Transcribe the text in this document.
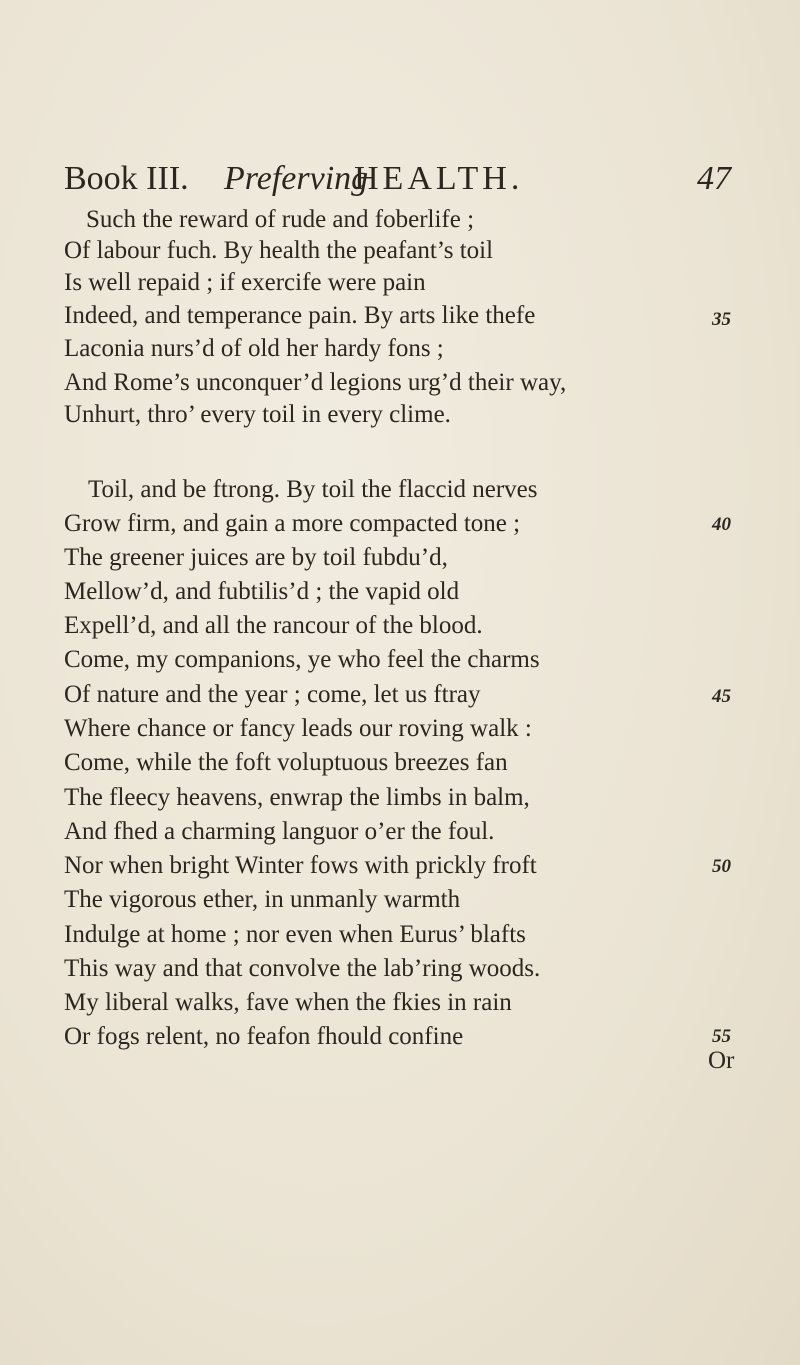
Book III. Preferving
HEALTH.	47
Such the reward of rude and foberlife ;
Of labour fuch. By health the peafant’s toil
Is well repaid ; if exercife were pain
Indeed, and temperance pain. By arts like thefe
Laconia nurs’d of old her hardy fons ;
And Rome’s unconquer’d legions urg’d their way,
Unhurt, thro’ every toil in every clime.
Toil, and be ftrong. By toil the flaccid nerves
Grow firm, and gain a more compacted tone ;
The greener juices are by toil fubdu’d,
Mellow’d, and fubtilis’d ; the vapid old
Expell’d, and all the rancour of the blood.
Come, my companions, ye who feel the charms
Of nature and the year ; come, let us ftray
Where chance or fancy leads our roving walk :
Come, while the foft voluptuous breezes fan
The fleecy heavens, enwrap the limbs in balm,
And fhed a charming languor o’er the foul.
Nor when bright Winter fows with prickly froft
The vigorous ether, in unmanly warmth
Indulge at home ; nor even when Eurus’ blafts
This way and that convolve the lab’ring woods.
My liberal walks, fave when the fkies in rain
Or fogs relent, no feafon fhould confine
35
40
45
50
55
Or
